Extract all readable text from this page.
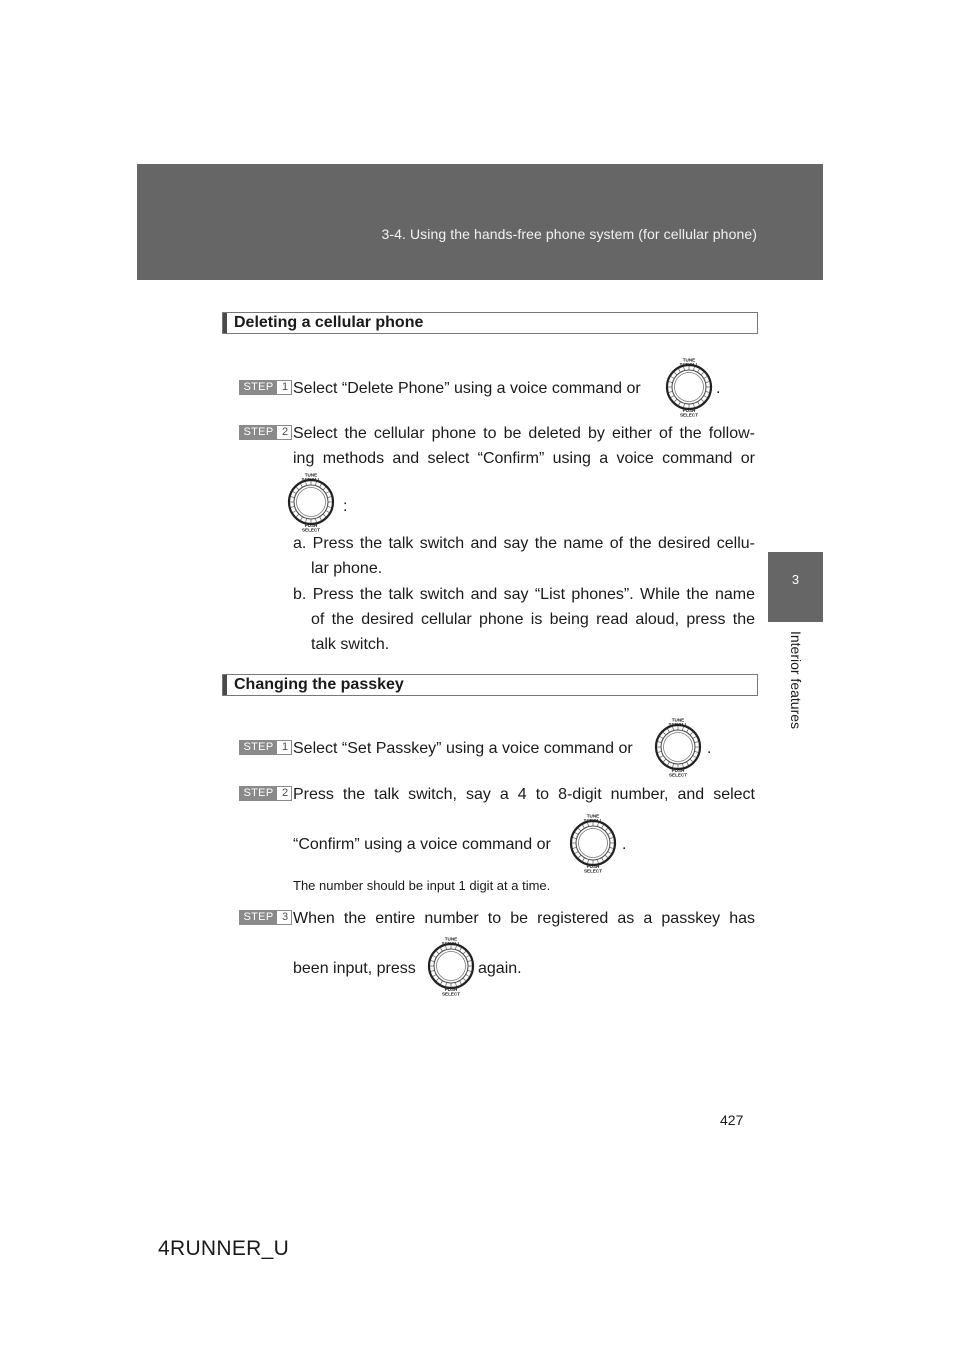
3-4. Using the hands-free phone system (for cellular phone)
3
Interior features
Deleting a cellular phone
STEP 1 Select “Delete Phone” using a voice command or
TUNE
SCROLL
PUSH
SELECT
.
STEP 2 Select the cellular phone to be deleted by either of the follow-
ing methods and select “Confirm” using a voice command or
TUNE
SCROLL
PUSH
SELECT
:
a. Press the talk switch and say the name of the desired cellu-
lar phone.
b. Press the talk switch and say “List phones”. While the name
of the desired cellular phone is being read aloud, press the
talk switch.
Changing the passkey
STEP 1 Select “Set Passkey” using a voice command or
TUNE
SCROLL
PUSH
SELECT
.
STEP 2 Press the talk switch, say a 4 to 8-digit number, and select
“Confirm” using a voice command or
TUNE
SCROLL
PUSH
SELECT
.
The number should be input 1 digit at a time.
STEP 3 When the entire number to be registered as a passkey has
been input, press
TUNE
SCROLL
PUSH
SELECT
again.
427
4RUNNER_U
